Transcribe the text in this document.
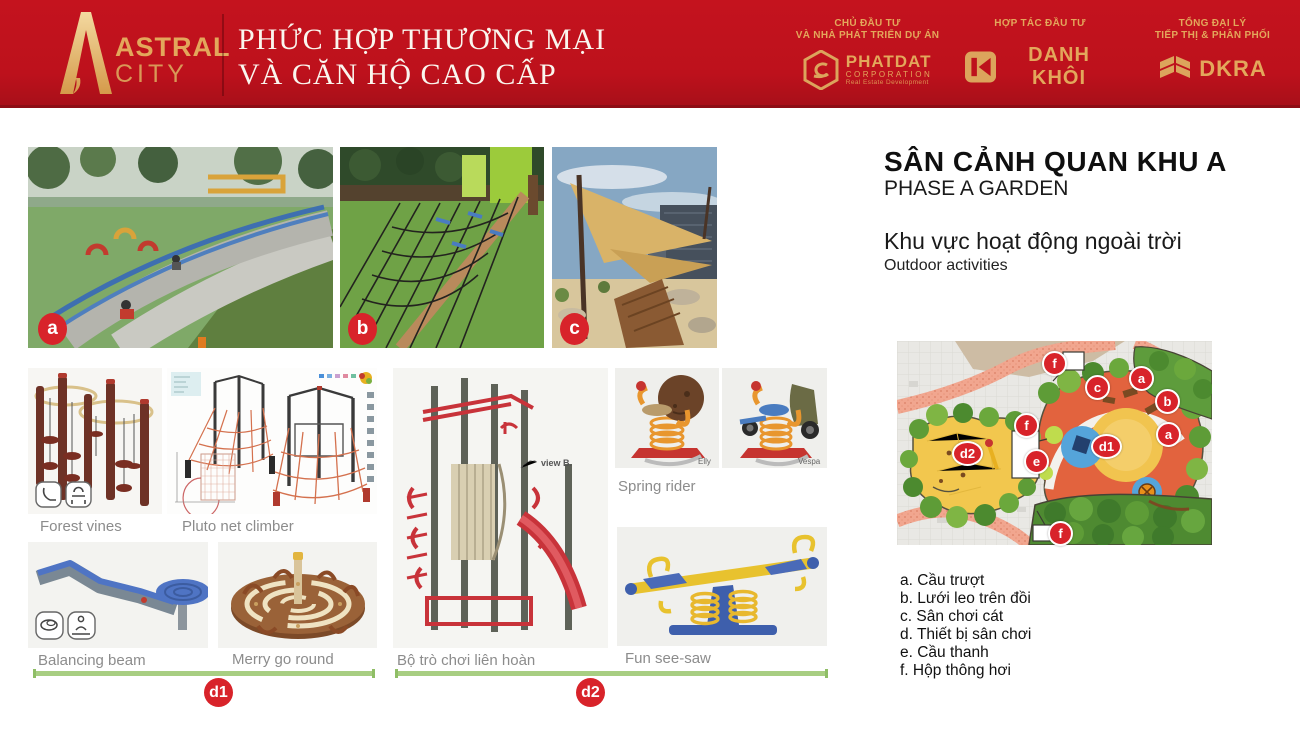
ASTRAL
CITY
PHỨC HỢP THƯƠNG MẠI
VÀ CĂN HỘ CAO CẤP
CHỦ ĐẦU TƯ
VÀ NHÀ PHÁT TRIỂN DỰ ÁN
PHATDAT
CORPORATION
Real Estate Development
HỢP TÁC ĐẦU TƯ
DANH KHÔI
TỔNG ĐẠI LÝ
TIẾP THỊ & PHÂN PHỐI
DKRA
SÂN CẢNH QUAN KHU A
PHASE A GARDEN
Khu vực hoạt động ngoài trời
Outdoor activities
a	b	c
view B.	Elly	Vespa
Forest vines	Pluto net climber
Balancing beam	Merry go round	Bộ trò chơi liên hoàn
Spring rider
Fun see-saw
d1	d2
f
a
c
b
f
a
d1
e
d2
f
a. Cầu trượt
b. Lưới leo trên đồi
c. Sân chơi cát
d. Thiết bị sân chơi
e. Cầu thanh
f. Hộp thông hơi
